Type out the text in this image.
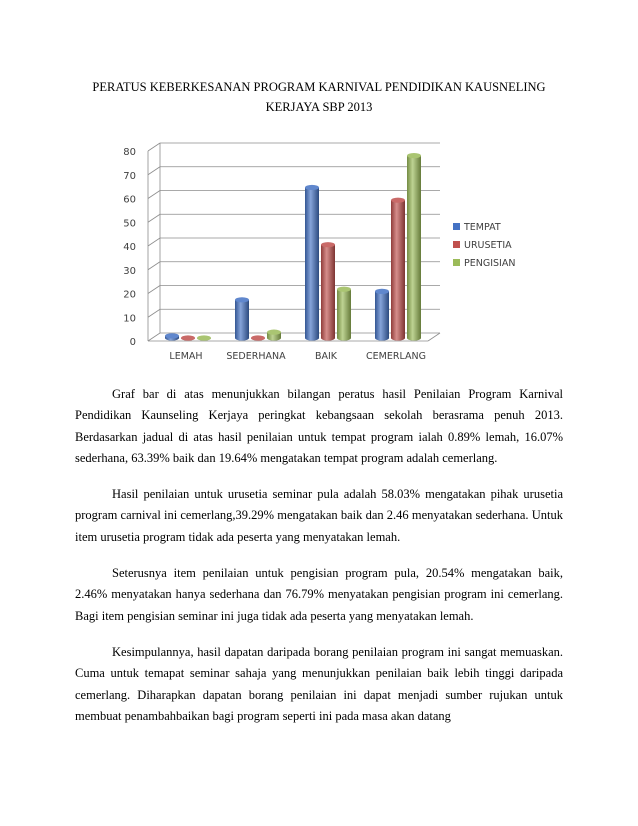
PERATUS KEBERKESANAN PROGRAM KARNIVAL PENDIDIKAN KAUSNELING
KERJAYA SBP 2013
0
10
20
30
40
50
60
70
80
LEMAH	SEDERHANA	BAIK	CEMERLANG
TEMPAT
URUSETIA
PENGISIAN

Graf bar di atas menunjukkan bilangan peratus hasil Penilaian Program Karnival Pendidikan Kaunseling Kerjaya peringkat kebangsaan sekolah berasrama penuh 2013. Berdasarkan jadual di atas hasil penilaian untuk tempat program ialah 0.89% lemah, 16.07% sederhana, 63.39% baik dan 19.64% mengatakan tempat program adalah cemerlang.

Hasil penilaian untuk urusetia seminar pula adalah 58.03% mengatakan pihak urusetia program carnival ini cemerlang,39.29% mengatakan baik dan 2.46 menyatakan sederhana. Untuk item urusetia program tidak ada peserta yang menyatakan lemah.

Seterusnya item penilaian untuk pengisian program pula, 20.54% mengatakan baik, 2.46% menyatakan hanya sederhana dan 76.79% menyatakan pengisian program ini cemerlang. Bagi item pengisian seminar ini juga tidak ada peserta yang menyatakan lemah.

Kesimpulannya, hasil dapatan daripada borang penilaian program ini sangat memuaskan. Cuma untuk temapat seminar sahaja yang menunjukkan penilaian baik lebih tinggi daripada cemerlang. Diharapkan dapatan borang penilaian ini dapat menjadi sumber rujukan untuk membuat penambahbaikan bagi program seperti ini pada masa akan datang
